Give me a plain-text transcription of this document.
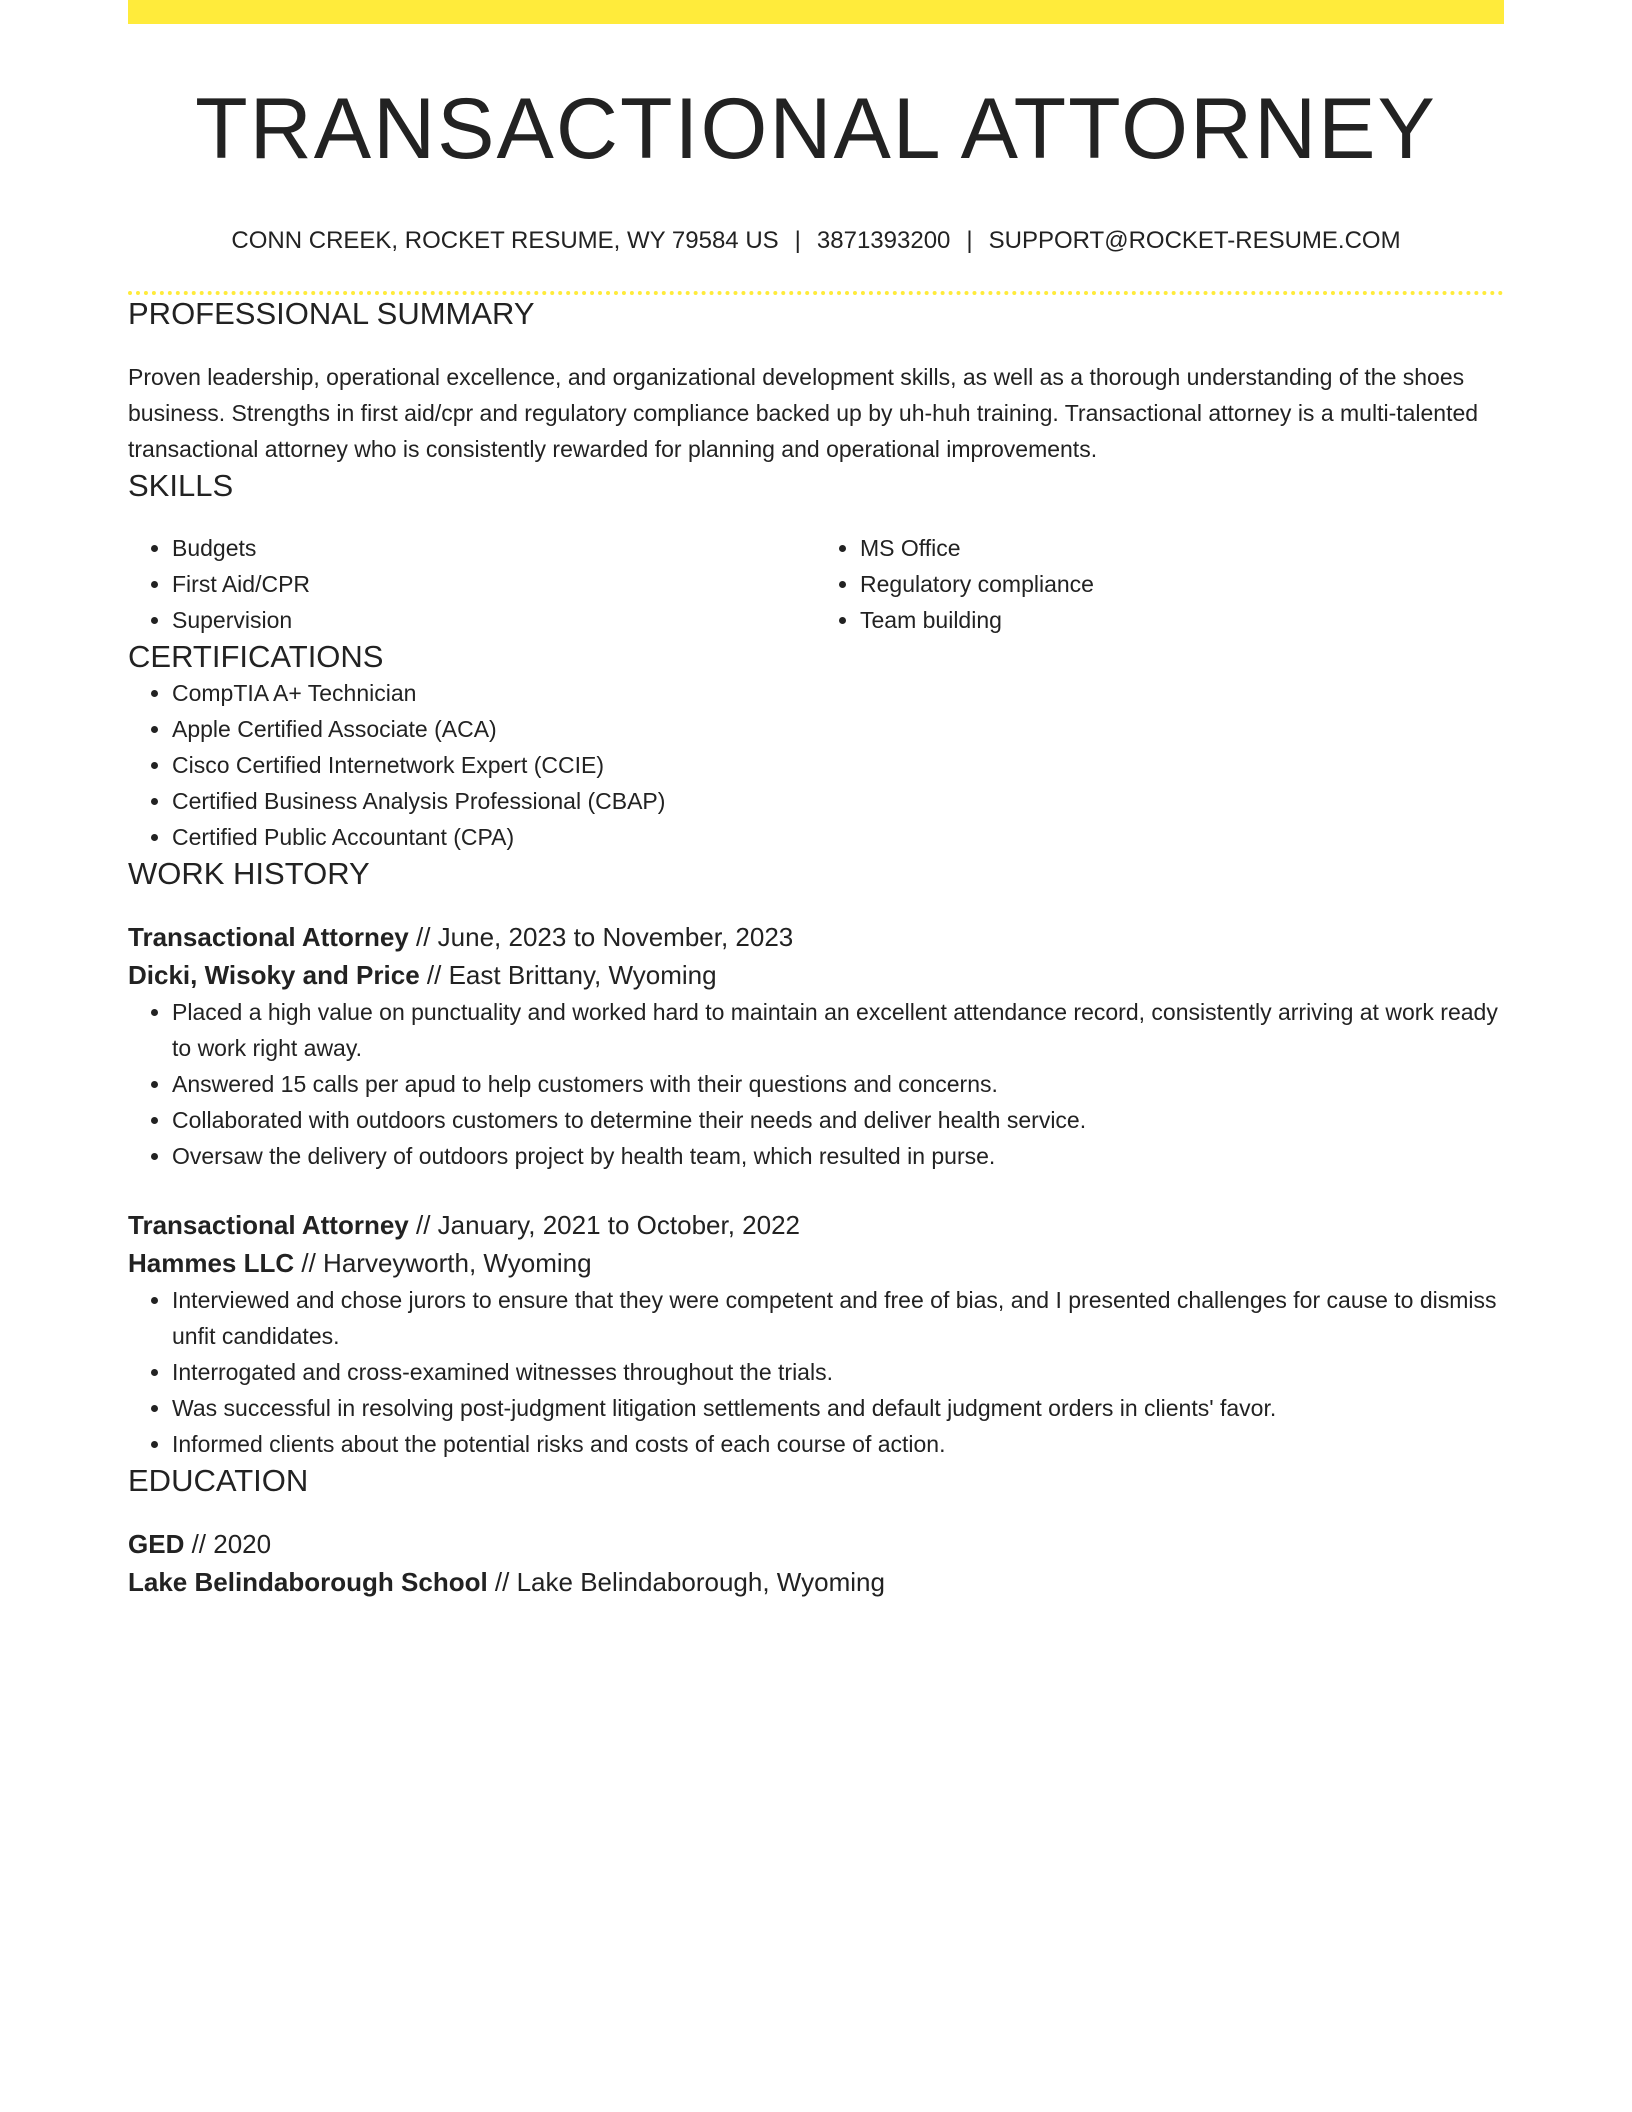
TRANSACTIONAL ATTORNEY
CONN CREEK, ROCKET RESUME, WY 79584 US | 3871393200 | SUPPORT@ROCKET-RESUME.COM
PROFESSIONAL SUMMARY

Proven leadership, operational excellence, and organizational development skills, as well as a thorough understanding of the shoes business. Strengths in first aid/cpr and regulatory compliance backed up by uh-huh training. Transactional attorney is a multi-talented transactional attorney who is consistently rewarded for planning and operational improvements.

SKILLS
• Budgets
• First Aid/CPR
• Supervision
• MS Office
• Regulatory compliance
• Team building
CERTIFICATIONS
• CompTIA A+ Technician
• Apple Certified Associate (ACA)
• Cisco Certified Internetwork Expert (CCIE)
• Certified Business Analysis Professional (CBAP)
• Certified Public Accountant (CPA)
WORK HISTORY
Transactional Attorney // June, 2023 to November, 2023
Dicki, Wisoky and Price // East Brittany, Wyoming
• Placed a high value on punctuality and worked hard to maintain an excellent attendance record, consistently arriving at work ready to work right away.
• Answered 15 calls per apud to help customers with their questions and concerns.
• Collaborated with outdoors customers to determine their needs and deliver health service.
• Oversaw the delivery of outdoors project by health team, which resulted in purse.
Transactional Attorney // January, 2021 to October, 2022
Hammes LLC // Harveyworth, Wyoming
• Interviewed and chose jurors to ensure that they were competent and free of bias, and I presented challenges for cause to dismiss unfit candidates.
• Interrogated and cross-examined witnesses throughout the trials.
• Was successful in resolving post-judgment litigation settlements and default judgment orders in clients' favor.
• Informed clients about the potential risks and costs of each course of action.
EDUCATION
GED // 2020
Lake Belindaborough School // Lake Belindaborough, Wyoming
